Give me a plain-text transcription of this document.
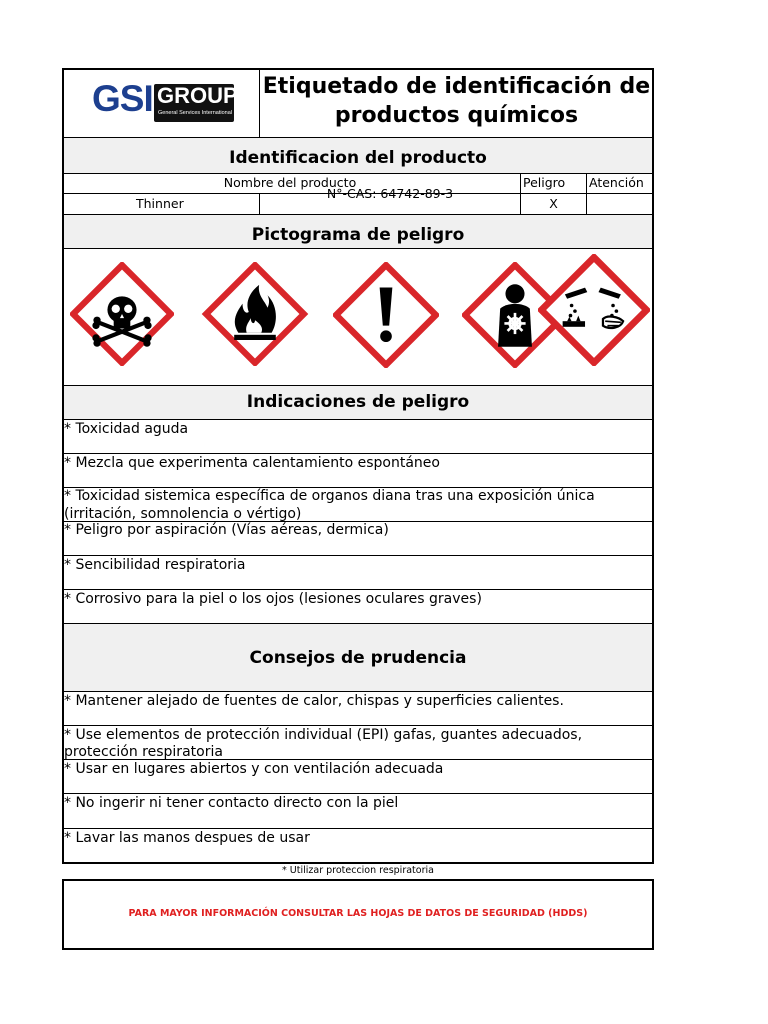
GSI GROUP
General Services International
Etiquetado de identificación de
productos químicos
Identificacion del producto
Nombre del producto	Peligro Atención
Thinner
N°-CAS: 64742-89-3
X
Pictograma de peligro
Indicaciones de peligro
* Toxicidad aguda
* Mezcla que experimenta calentamiento espontáneo
* Toxicidad sistemica específica de organos diana tras una exposición única
(irritación, somnolencia o vértigo)
* Peligro por aspiración (Vías aéreas, dermica)
* Sencibilidad respiratoria
* Corrosivo para la piel o los ojos (lesiones oculares graves)
Consejos de prudencia
* Mantener alejado de fuentes de calor, chispas y superficies calientes.
* Use elementos de protección individual (EPI) gafas, guantes adecuados,
protección respiratoria
* Usar en lugares abiertos y con ventilación adecuada
* No ingerir ni tener contacto directo con la piel
* Lavar las manos despues de usar
* Utilizar proteccion respiratoria
PARA MAYOR INFORMACIÓN CONSULTAR LAS HOJAS DE DATOS DE SEGURIDAD (HDDS)
